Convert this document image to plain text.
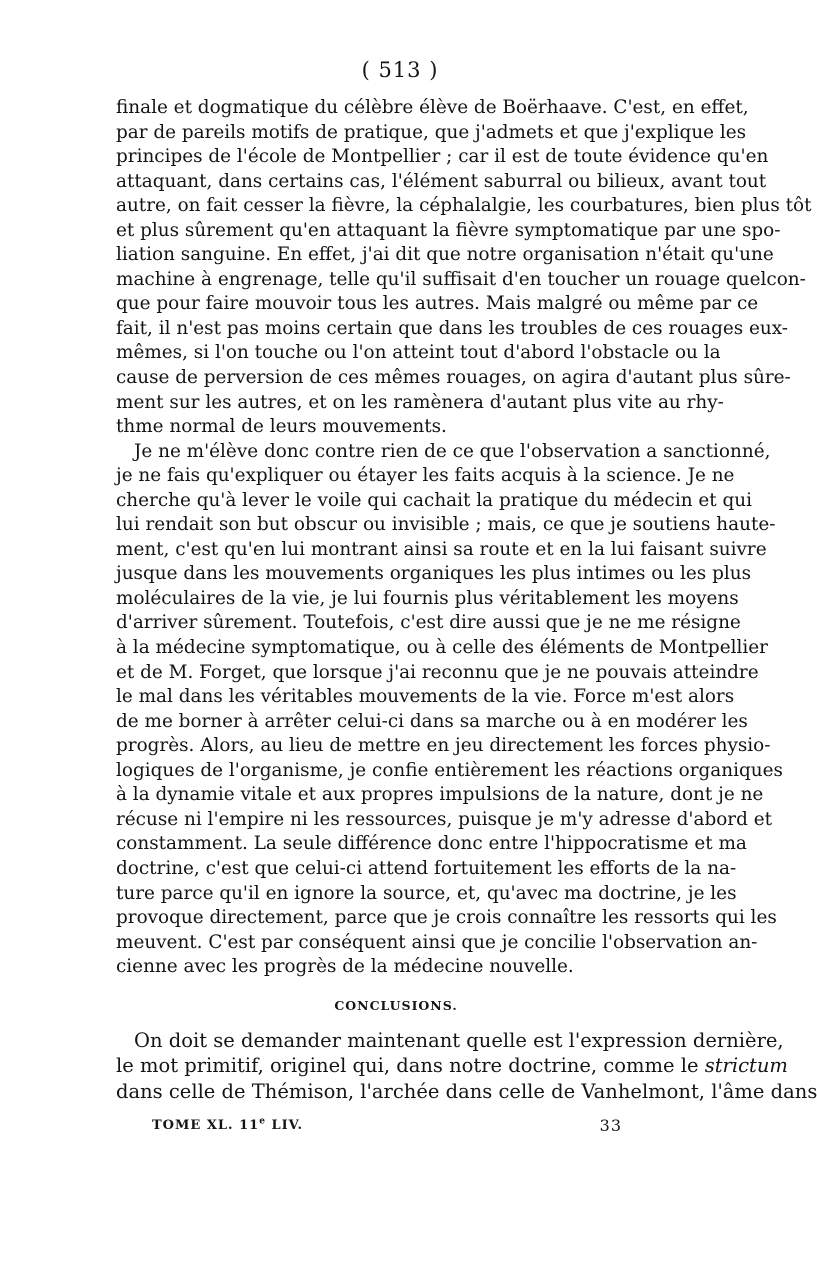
( 513 )
finale et dogmatique du célèbre élève de Boërhaave. C'est, en effet,
par de pareils motifs de pratique, que j'admets et que j'explique les
principes de l'école de Montpellier ; car il est de toute évidence qu'en
attaquant, dans certains cas, l'élément saburral ou bilieux, avant tout
autre, on fait cesser la fièvre, la céphalalgie, les courbatures, bien plus tôt
et plus sûrement qu'en attaquant la fièvre symptomatique par une spo-
liation sanguine. En effet, j'ai dit que notre organisation n'était qu'une
machine à engrenage, telle qu'il suffisait d'en toucher un rouage quelcon-
que pour faire mouvoir tous les autres. Mais malgré ou même par ce
fait, il n'est pas moins certain que dans les troubles de ces rouages eux-
mêmes, si l'on touche ou l'on atteint tout d'abord l'obstacle ou la
cause de perversion de ces mêmes rouages, on agira d'autant plus sûre-
ment sur les autres, et on les ramènera d'autant plus vite au rhy-
thme normal de leurs mouvements.
Je ne m'élève donc contre rien de ce que l'observation a sanctionné,
je ne fais qu'expliquer ou étayer les faits acquis à la science. Je ne
cherche qu'à lever le voile qui cachait la pratique du médecin et qui
lui rendait son but obscur ou invisible ; mais, ce que je soutiens haute-
ment, c'est qu'en lui montrant ainsi sa route et en la lui faisant suivre
jusque dans les mouvements organiques les plus intimes ou les plus
moléculaires de la vie, je lui fournis plus véritablement les moyens
d'arriver sûrement. Toutefois, c'est dire aussi que je ne me résigne
à la médecine symptomatique, ou à celle des éléments de Montpellier
et de M. Forget, que lorsque j'ai reconnu que je ne pouvais atteindre
le mal dans les véritables mouvements de la vie. Force m'est alors
de me borner à arrêter celui-ci dans sa marche ou à en modérer les
progrès. Alors, au lieu de mettre en jeu directement les forces physio-
logiques de l'organisme, je confie entièrement les réactions organiques
à la dynamie vitale et aux propres impulsions de la nature, dont je ne
récuse ni l'empire ni les ressources, puisque je m'y adresse d'abord et
constamment. La seule différence donc entre l'hippocratisme et ma
doctrine, c'est que celui-ci attend fortuitement les efforts de la na-
ture parce qu'il en ignore la source, et, qu'avec ma doctrine, je les
provoque directement, parce que je crois connaître les ressorts qui les
meuvent. C'est par conséquent ainsi que je concilie l'observation an-
cienne avec les progrès de la médecine nouvelle.
CONCLUSIONS.
On doit se demander maintenant quelle est l'expression dernière,
le mot primitif, originel qui, dans notre doctrine, comme le strictum
dans celle de Thémison, l'archée dans celle de Vanhelmont, l'âme dans
TOME XL. 11e LIV.	33
